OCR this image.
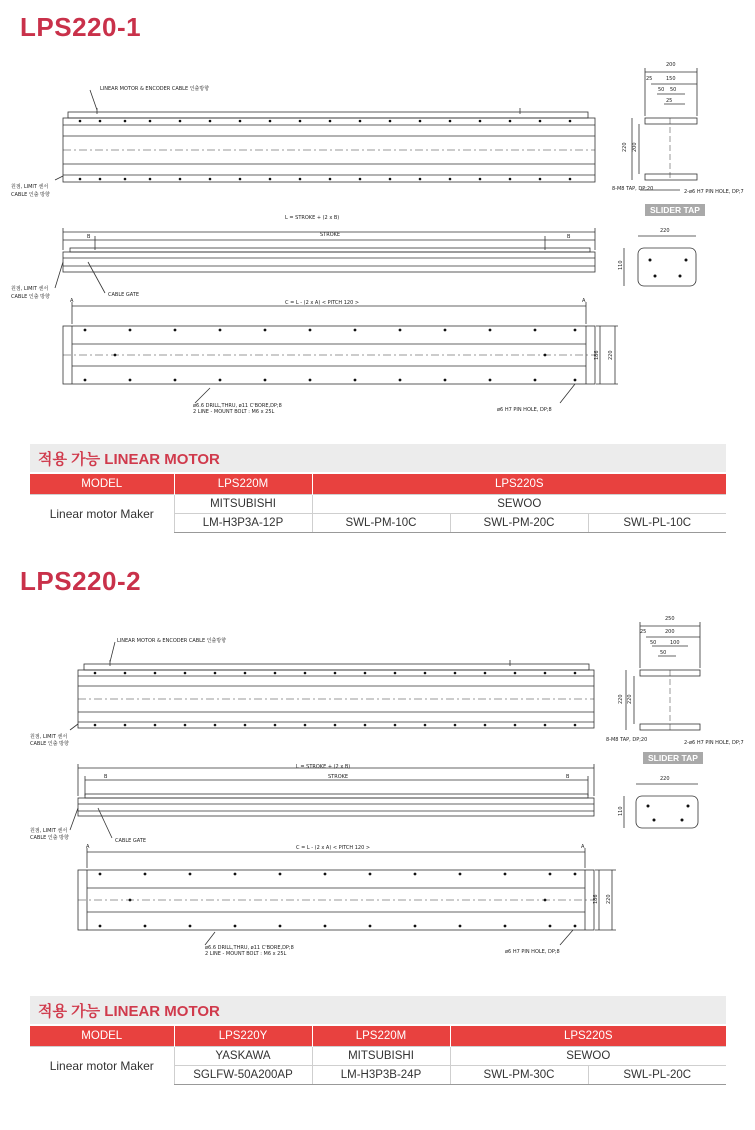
LPS220-1
LINEAR MOTOR & ENCODER CABLE 인출방향
원점, LIMIT 센서
CABLE 인출 방향
L = STROKE + (2 x B)
B	B
STROKE
원점, LIMIT 센서
CABLE 인출 방향	CABLE GATE
C = L - (2 x A) < PITCH 120 >
A	A
ø6.6 DRILL,THRU, ø11 C'BORE,DP;8
2 LINE - MOUNT BOLT : M6 x 25L	ø6 H7 PIN HOLE, DP;8
186 220
200
150
50 50
25
25
220 200
8-M8 TAP, DP;20	2-ø6 H7 PIN HOLE, DP;7
220
110
SLIDER TAP
적용 가능 LINEAR MOTOR
MODEL	LPS220M	LPS220S		
Linear motor Maker	MITSUBISHI	SEWOO		
	LM-H3P3A-12P	SWL-PM-10C	SWL-PM-20C	SWL-PL-10C
LPS220-2
LINEAR MOTOR & ENCODER CABLE 인출방향
원점, LIMIT 센서
CABLE 인출 방향
L = STROKE + (2 x B)
B	B
STROKE
원점, LIMIT 센서
CABLE 인출 방향	CABLE GATE
C = L - (2 x A) < PITCH 120 >
A	A
ø6.6 DRILL,THRU, ø11 C'BORE,DP;8
2 LINE - MOUNT BOLT : M6 x 25L	ø6 H7 PIN HOLE, DP;8
186 220
250
200
100
50
50
25
220 220
8-M8 TAP, DP;20	2-ø6 H7 PIN HOLE, DP;7
220
110
SLIDER TAP
적용 가능 LINEAR MOTOR
MODEL	LPS220Y	LPS220M	LPS220S	
Linear motor Maker	YASKAWA	MITSUBISHI	SEWOO	
	SGLFW-50A200AP	LM-H3P3B-24P	SWL-PM-30C	SWL-PL-20C
